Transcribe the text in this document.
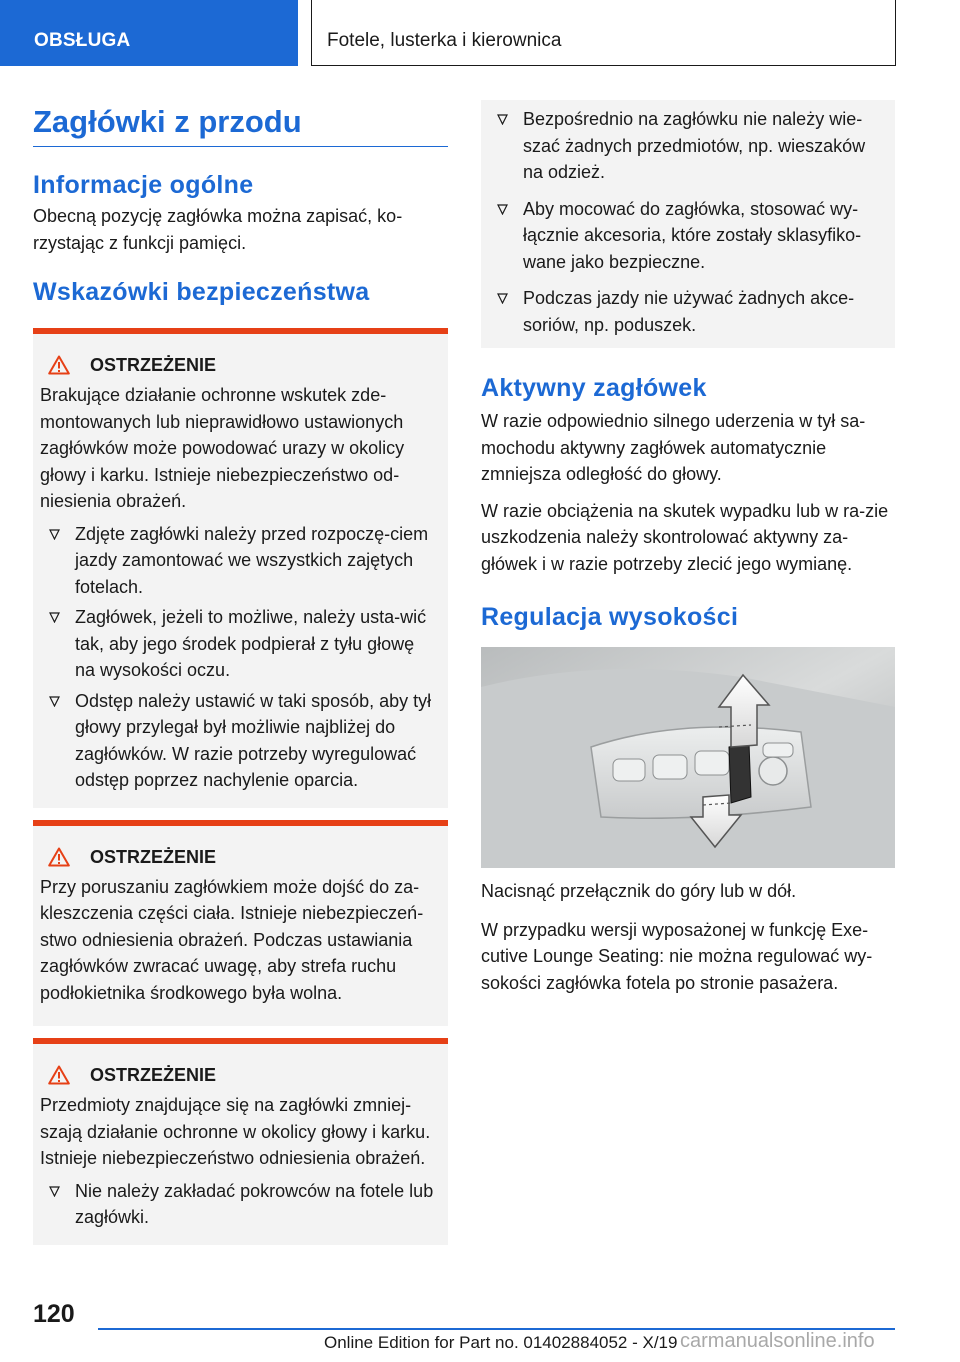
OBSŁUGA	Fotele, lusterka i kierownica
Zagłówki z przodu
Informacje ogólne

Obecną pozycję zagłówka można zapisać, ko-rzystając z funkcji pamięci.

Wskazówki bezpieczeństwa
OSTRZEŻENIE

Brakujące działanie ochronne wskutek zde-montowanych lub nieprawidłowo ustawionych zagłówków może powodować urazy w okolicy głowy i karku. Istnieje niebezpieczeństwo od-niesienia obrażeń.

Zdjęte zagłówki należy przed rozpoczę-ciem jazdy zamontować we wszystkich zajętych fotelach.
Zagłówek, jeżeli to możliwe, należy usta-wić tak, aby jego środek podpierał z tyłu głowę na wysokości oczu.
Odstęp należy ustawić w taki sposób, aby tył głowy przylegał był możliwie najbliżej do zagłówków. W razie potrzeby wyregulować odstęp poprzez nachylenie oparcia.
OSTRZEŻENIE

Przy poruszaniu zagłówkiem może dojść do za-kleszczenia części ciała. Istnieje niebezpieczeń-stwo odniesienia obrażeń. Podczas ustawiania zagłówków zwracać uwagę, aby strefa ruchu podłokietnika środkowego była wolna.

OSTRZEŻENIE

Przedmioty znajdujące się na zagłówki zmniej-szają działanie ochronne w okolicy głowy i karku. Istnieje niebezpieczeństwo odniesienia obrażeń.

Nie należy zakładać pokrowców na fotele lub zagłówki.
Bezpośrednio na zagłówku nie należy wie-szać żadnych przedmiotów, np. wieszaków na odzież.
Aby mocować do zagłówka, stosować wy-łącznie akcesoria, które zostały sklasyfiko-wane jako bezpieczne.
Podczas jazdy nie używać żadnych akce-soriów, np. poduszek.
Aktywny zagłówek

W razie odpowiednio silnego uderzenia w tył sa-mochodu aktywny zagłówek automatycznie zmniejsza odległość do głowy.

W razie obciążenia na skutek wypadku lub w ra-zie uszkodzenia należy skontrolować aktywny za-główek i w razie potrzeby zlecić jego wymianę.

Regulacja wysokości

Nacisnąć przełącznik do góry lub w dół.

W przypadku wersji wyposażonej w funkcję Exe-cutive Lounge Seating: nie można regulować wy-sokości zagłówka fotela po stronie pasażera.

120
Online Edition for Part no. 01402884052 - X/19 carmanualsonline.info
